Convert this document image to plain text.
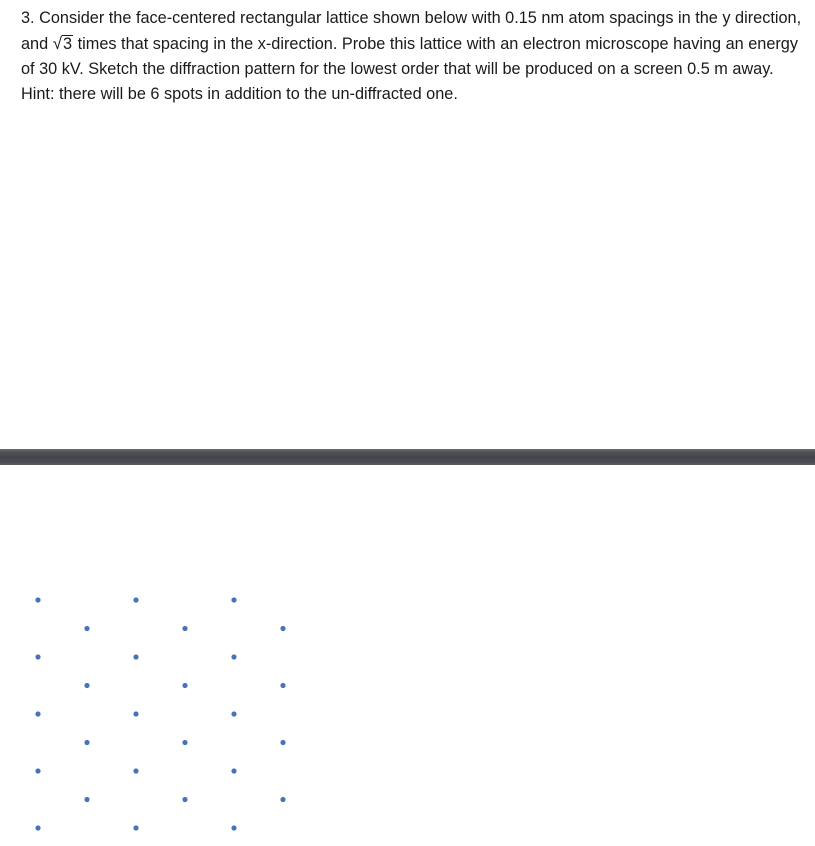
3. Consider the face-centered rectangular lattice shown below with 0.15 nm atom spacings in the y direction, and √3 times that spacing in the x-direction. Probe this lattice with an electron microscope having an energy of 30 kV. Sketch the diffraction pattern for the lowest order that will be produced on a screen 0.5 m away. Hint: there will be 6 spots in addition to the un-diffracted one.
